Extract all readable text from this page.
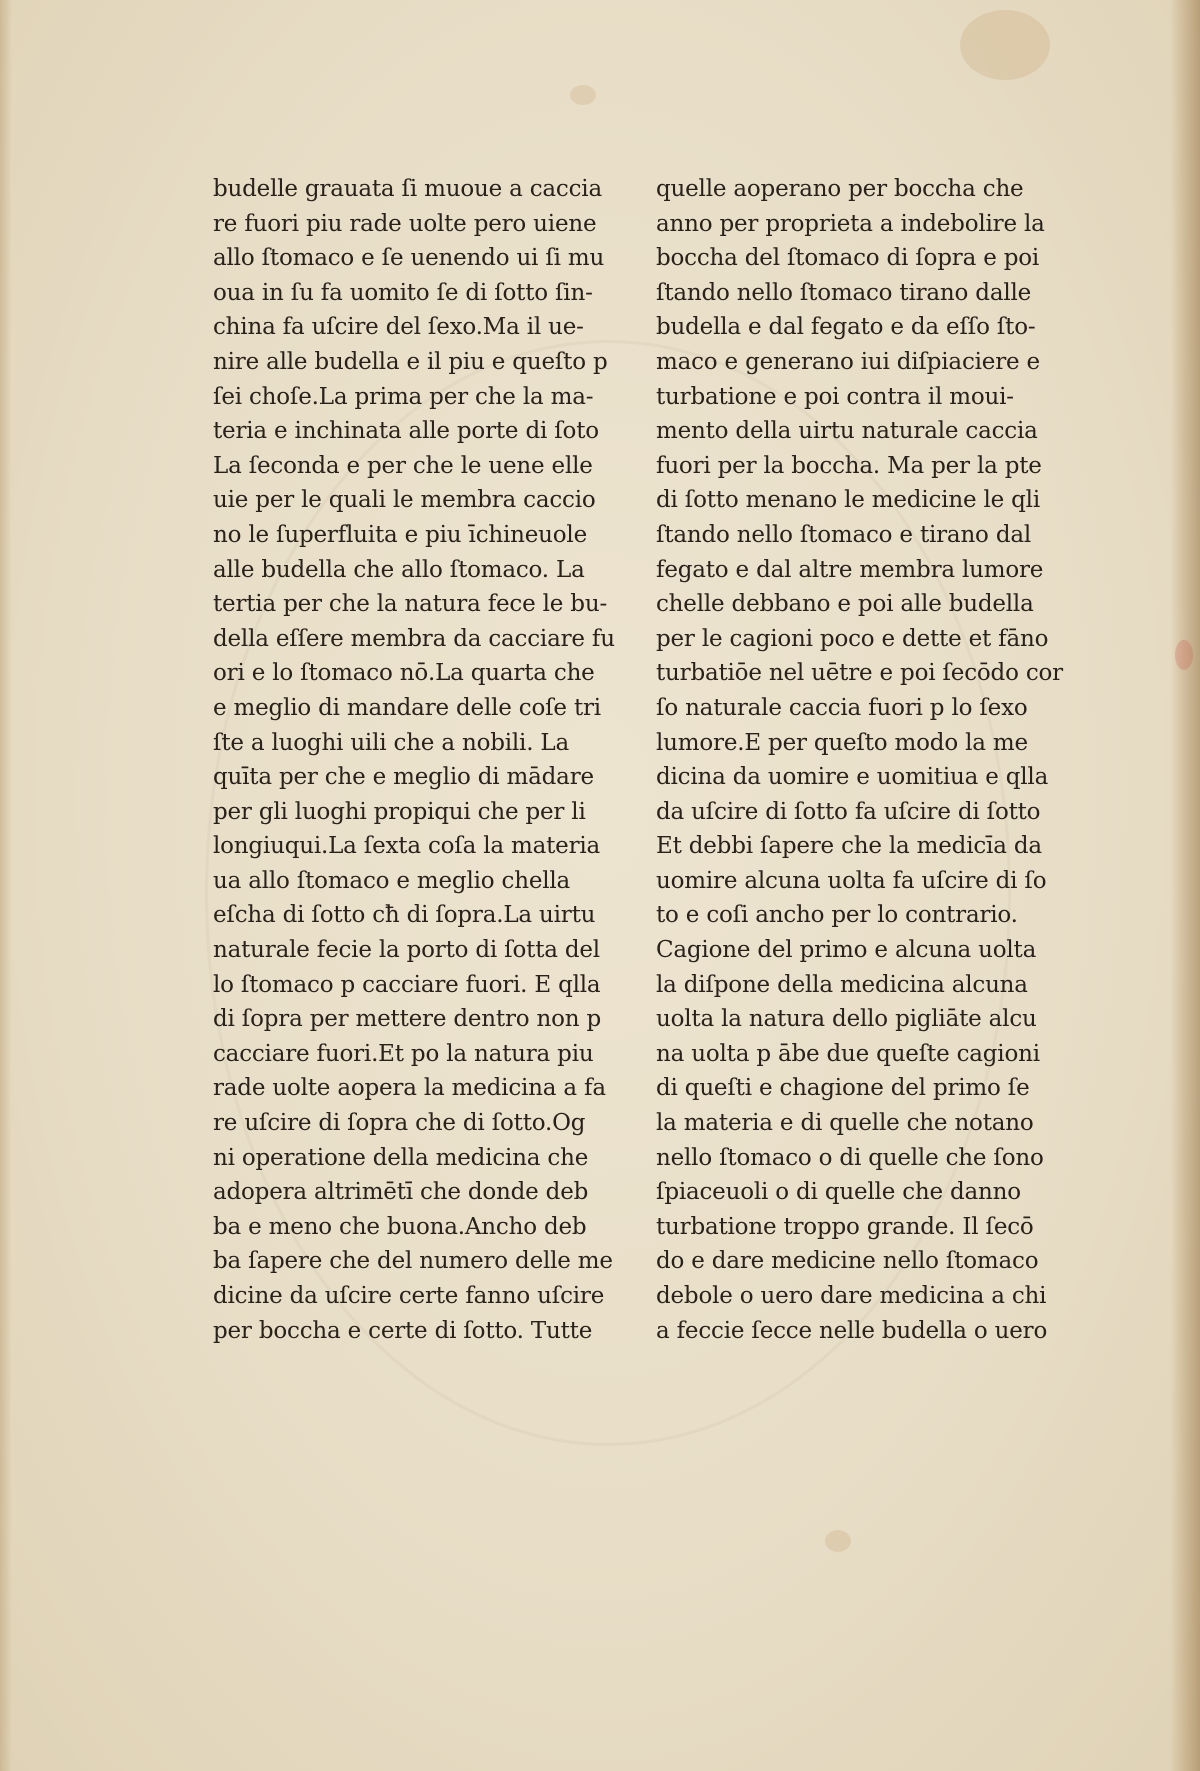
budelle grauata ſi muoue a caccia
re fuori piu rade uolte pero uiene
allo ſtomaco e ſe uenendo ui ſi mu
oua in ſu fa uomito ſe di ſotto ſin-
china fa uſcire del ſexo.Ma il ue-
nire alle budella e il piu e queſto p
ſei choſe.La prima per che la ma-
teria e inchinata alle porte di ſoto
La ſeconda e per che le uene elle
uie per le quali le membra caccio
no le ſuperfluita e piu īchineuole
alle budella che allo ſtomaco. La
tertia per che la natura fece le bu-
della eſſere membra da cacciare fu
ori e lo ſtomaco nō.La quarta che
e meglio di mandare delle coſe tri
ſte a luoghi uili che a nobili. La
quīta per che e meglio di mādare
per gli luoghi propiqui che per li
longiuqui.La ſexta coſa la materia
ua allo ſtomaco e meglio chella
eſcha di ſotto cħ di ſopra.La uirtu
naturale fecie la porto di ſotta del
lo ſtomaco p cacciare fuori. E qlla
di ſopra per mettere dentro non p
cacciare fuori.Et po la natura piu
rade uolte aopera la medicina a fa
re uſcire di ſopra che di ſotto.Og
ni operatione della medicina che
adopera altrimētī che donde deb
ba e meno che buona.Ancho deb
ba ſapere che del numero delle me
dicine da uſcire certe fanno uſcire
per boccha e certe di ſotto. Tutte
quelle aoperano per boccha che
anno per proprieta a indebolire la
boccha del ſtomaco di ſopra e poi
ſtando nello ſtomaco tirano dalle
budella e dal fegato e da eſſo ſto-
maco e generano iui diſpiaciere e
turbatione e poi contra il moui-
mento della uirtu naturale caccia
fuori per la boccha. Ma per la pte
di ſotto menano le medicine le qli
ſtando nello ſtomaco e tirano dal
fegato e dal altre membra lumore
chelle debbano e poi alle budella
per le cagioni poco e dette et fāno
turbatiōe nel uētre e poi ſecōdo cor
ſo naturale caccia fuori p lo ſexo
lumore.E per queſto modo la me
dicina da uomire e uomitiua e qlla
da uſcire di ſotto fa uſcire di ſotto
Et debbi ſapere che la medicīa da
uomire alcuna uolta fa uſcire di ſo
to e coſi ancho per lo contrario.
Cagione del primo e alcuna uolta
la diſpone della medicina alcuna
uolta la natura dello pigliāte alcu
na uolta p ābe due queſte cagioni
di queſti e chagione del primo ſe
la materia e di quelle che notano
nello ſtomaco o di quelle che ſono
ſpiaceuoli o di quelle che danno
turbatione troppo grande. Il ſecō
do e dare medicine nello ſtomaco
debole o uero dare medicina a chi
a feccie ſecce nelle budella o uero
